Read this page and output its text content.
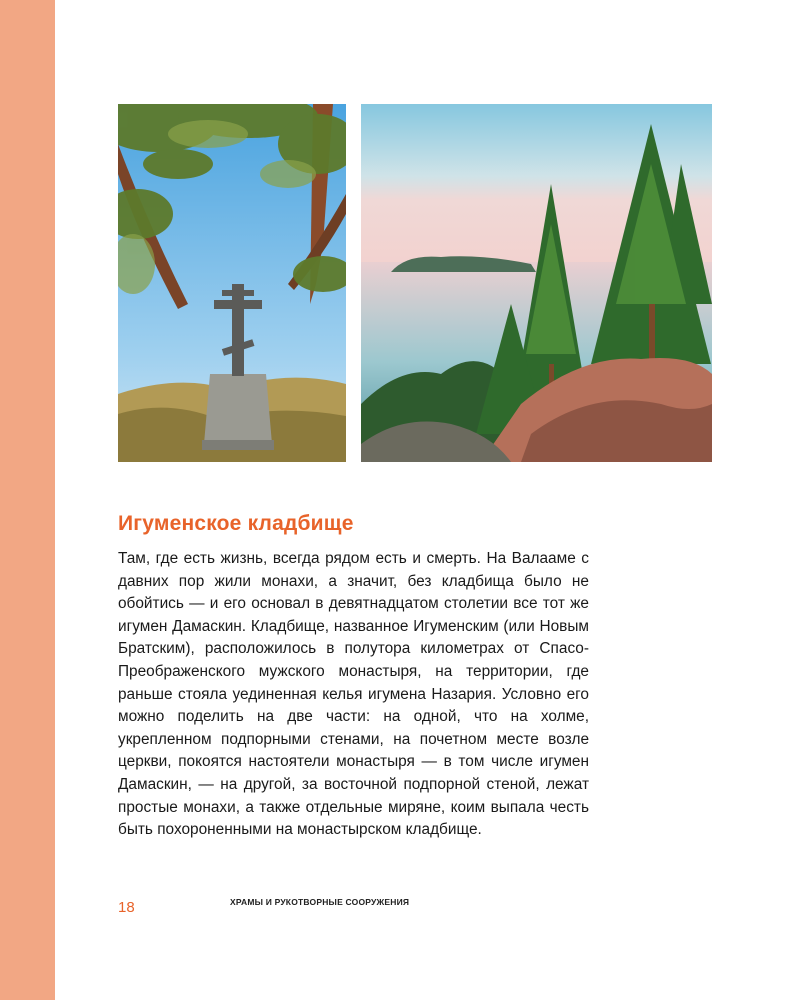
Игуменское кладбище

Там, где есть жизнь, всегда рядом есть и смерть. На Валааме с давних пор жили монахи, а значит, без кладбища было не обойтись — и его основал в девятнадцатом столетии все тот же игумен Дамаскин. Кладбище, названное Игуменским (или Новым Братским), расположилось в полутора километрах от Спасо-Преображенского мужского монастыря, на территории, где раньше стояла уединенная келья игумена Назария. Условно его можно поделить на две части: на одной, что на холме, укрепленном подпорными стенами, на почетном месте возле церкви, покоятся настоятели монастыря — в том числе игумен Дамаскин, — на другой, за восточной подпорной стеной, лежат простые монахи, а также отдельные миряне, коим выпала честь быть похороненными на монастырском кладбище.

18	ХРАМЫ И РУКОТВОРНЫЕ СООРУЖЕНИЯ
